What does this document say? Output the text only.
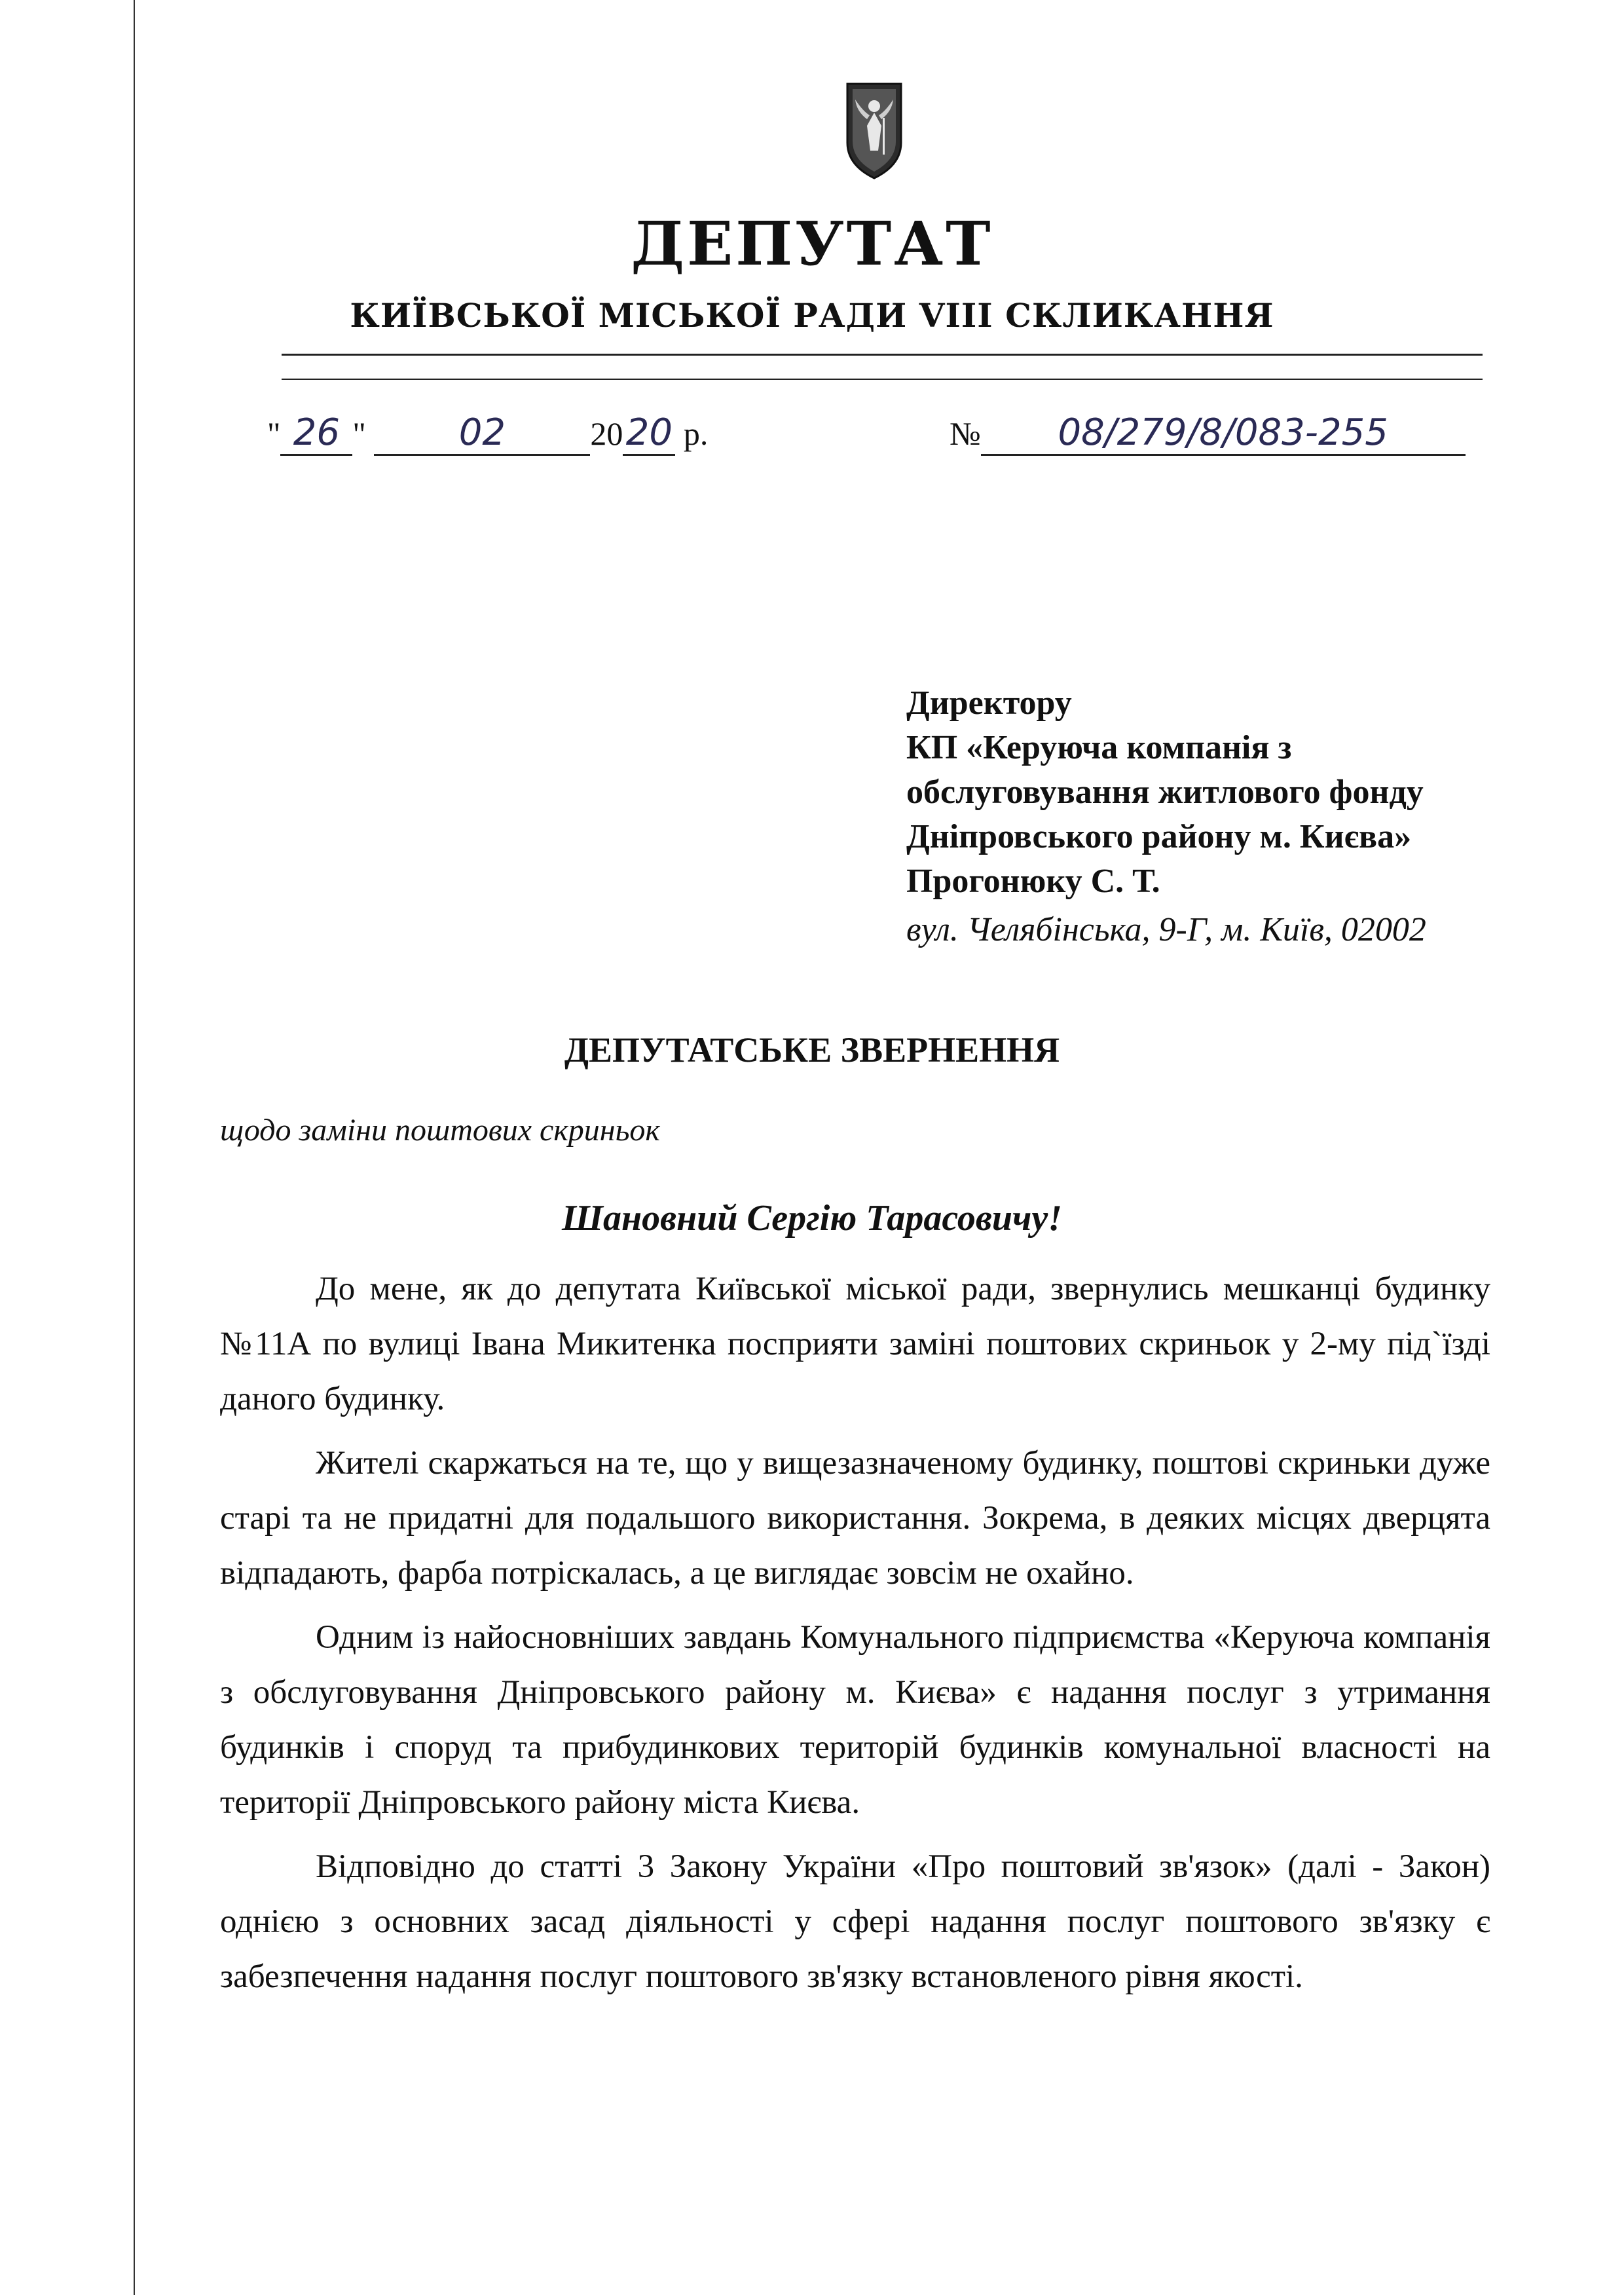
ДЕПУТАТ
КИЇВСЬКОЇ МІСЬКОЇ РАДИ VIII СКЛИКАННЯ
" 26 "	02	2020 р.	№ 08/279/8/083-255
Директору
КП «Керуюча компанія з
обслуговування житлового фонду
Дніпровського району м. Києва»
Прогонюку С. Т.
вул. Челябінська, 9-Г, м. Київ, 02002
ДЕПУТАТСЬКЕ ЗВЕРНЕННЯ

щодо заміни поштових скриньок

Шановний Сергію Тарасовичу!

До мене, як до депутата Київської міської ради, звернулись мешканці будинку №11А по вулиці Івана Микитенка посприяти заміні поштових скриньок у 2-му під`їзді даного будинку.

Жителі скаржаться на те, що у вищезазначеному будинку, поштові скриньки дуже старі та не придатні для подальшого використання. Зокрема, в деяких місцях дверцята відпадають, фарба потріскалась, а це виглядає зовсім не охайно.

Одним із найосновніших завдань Комунального підприємства «Керуюча компанія з обслуговування Дніпровського району м. Києва» є надання послуг з утримання будинків і споруд та прибудинкових територій будинків комунальної власності на території Дніпровського району міста Києва.

Відповідно до статті 3 Закону України «Про поштовий зв'язок» (далі - Закон) однією з основних засад діяльності у сфері надання послуг поштового зв'язку є забезпечення надання послуг поштового зв'язку встановленого рівня якості.
